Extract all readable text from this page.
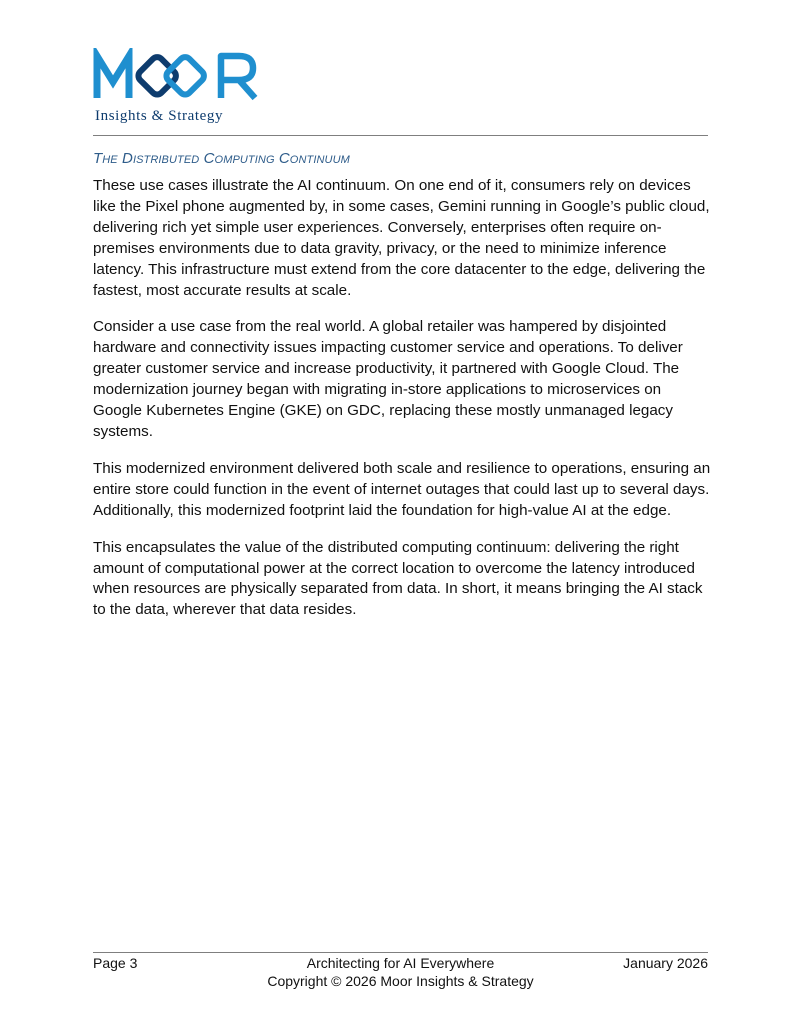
Insights & Strategy
The Distributed Computing Continuum

These use cases illustrate the AI continuum. On one end of it, consumers rely on devices like the Pixel phone augmented by, in some cases, Gemini running in Google’s public cloud, delivering rich yet simple user experiences. Conversely, enterprises often require on-premises environments due to data gravity, privacy, or the need to minimize inference latency. This infrastructure must extend from the core datacenter to the edge, delivering the fastest, most accurate results at scale.

Consider a use case from the real world. A global retailer was hampered by disjointed hardware and connectivity issues impacting customer service and operations. To deliver greater customer service and increase productivity, it partnered with Google Cloud. The modernization journey began with migrating in-store applications to microservices on Google Kubernetes Engine (GKE) on GDC, replacing these mostly unmanaged legacy systems.

This modernized environment delivered both scale and resilience to operations, ensuring an entire store could function in the event of internet outages that could last up to several days. Additionally, this modernized footprint laid the foundation for high-value AI at the edge.

This encapsulates the value of the distributed computing continuum: delivering the right amount of computational power at the correct location to overcome the latency introduced when resources are physically separated from data. In short, it means bringing the AI stack to the data, wherever that data resides.

Page 3	Architecting for AI Everywhere	January 2026
Copyright © 2026 Moor Insights & Strategy
